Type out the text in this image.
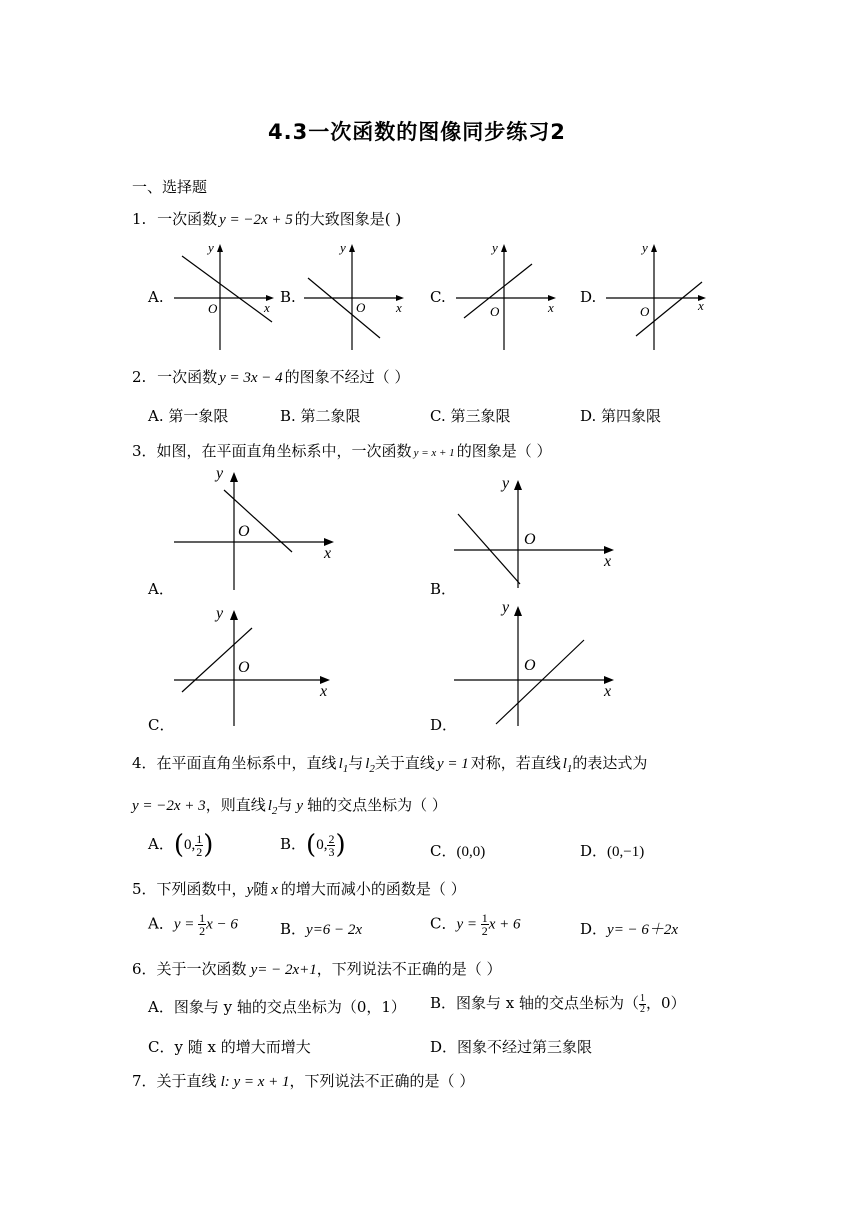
4.3一次函数的图像同步练习2
一、选择题
1. 一次函数 y = −2x + 5 的大致图象是( )
A.
y
x
O
B.
y
x
O
C.
y
x
O
D.
y
x
O
2. 一次函数 y = 3x − 4 的图象不经过（ ）
A. 第一象限	B. 第二象限	C. 第三象限	D. 第四象限
3．如图，在平面直角坐标系中，一次函数 y = x + 1 的图象是（ ）
y
x
O
A．
y
x
O
B．
y
x
O
C．
y
x
O
D．
4．在平面直角坐标系中，直线 $l_1$与 $l_2$关于直线 y = 1 对称，若直线 $l_1$的表达式为
y = −2x + 3，则直线 $l_2$与 y 轴的交点坐标为（ ）
A．(0, $\frac{1}{2}$ )	B．(0, $\frac{2}{3}$ )	C．(0,0)	D．(0,−1)
5．下列函数中，y随 x 的增大而减小的函数是（ ）
A．$y = \frac{1}{2}$ x − 6	B．y=6 − 2x	C．$y = \frac{1}{2}$ x + 6	D．y= − 6＋2x
6．关于一次函数 y= − 2x+1，下列说法不正确的是（ ）
A．图象与 y 轴的交点坐标为（0，1） B．图象与 x 轴的交点坐标为（ $\frac{1}{2}$ ，0）
C．y 随 x 的增大而增大	D．图象不经过第三象限
7．关于直线 l: y = x + 1，下列说法不正确的是（ ）
